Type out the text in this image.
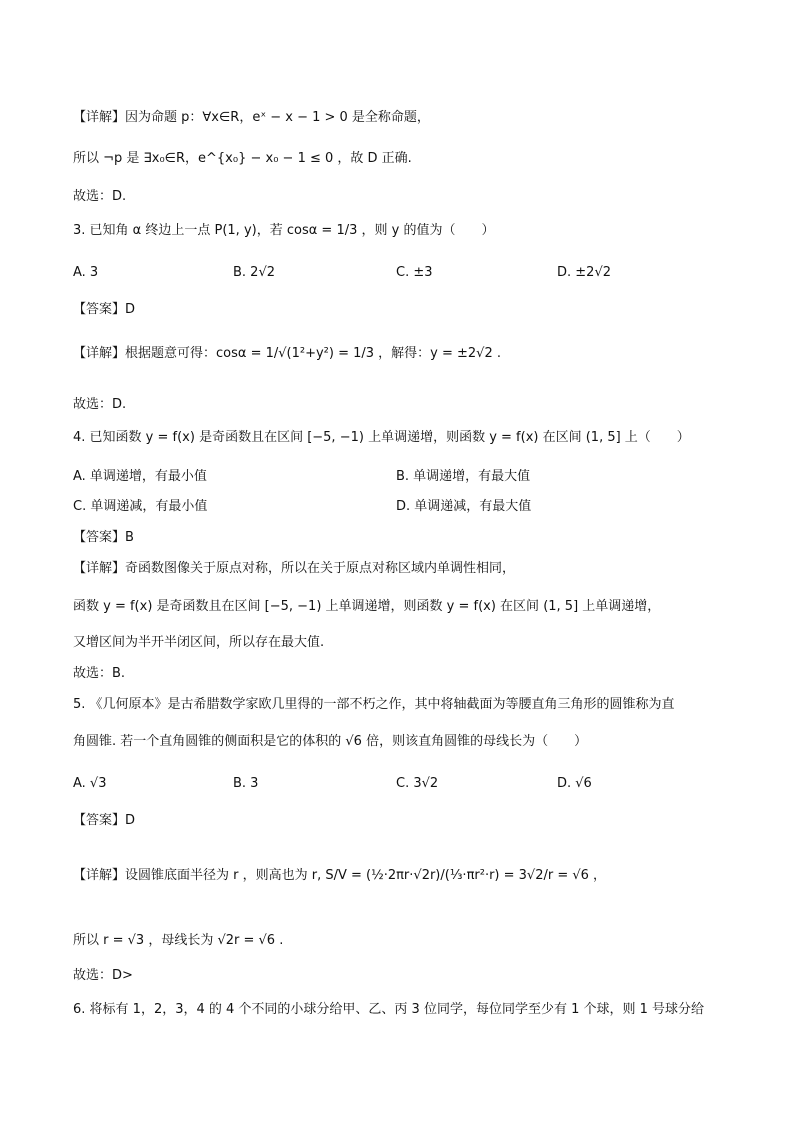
【详解】因为命题 p：∀x∈R，eˣ − x − 1 > 0 是全称命题，
所以 ¬p 是 ∃x₀∈R，e^{x₀} − x₀ − 1 ≤ 0 ，故 D 正确.
故选：D.
3. 已知角 α 终边上一点 P(1, y)，若 cosα = 1/3 ，则 y 的值为（　　）
A. 3	B. 2√2	C. ±3	D. ±2√2
【答案】D
【详解】根据题意可得：cosα = 1/√(1²+y²) = 1/3 ，解得：y = ±2√2 .
故选：D.
4. 已知函数 y = f(x) 是奇函数且在区间 [−5, −1) 上单调递增，则函数 y = f(x) 在区间 (1, 5] 上（　　）
A. 单调递增，有最小值	B. 单调递增，有最大值
C. 单调递减，有最小值	D. 单调递减，有最大值
【答案】B
【详解】奇函数图像关于原点对称，所以在关于原点对称区域内单调性相同，
函数 y = f(x) 是奇函数且在区间 [−5, −1) 上单调递增，则函数 y = f(x) 在区间 (1, 5] 上单调递增，
又增区间为半开半闭区间，所以存在最大值.
故选：B.
5. 《几何原本》是古希腊数学家欧几里得的一部不朽之作，其中将轴截面为等腰直角三角形的圆锥称为直
角圆锥. 若一个直角圆锥的侧面积是它的体积的 √6 倍，则该直角圆锥的母线长为（　　）
A. √3	B. 3	C. 3√2	D. √6
【答案】D
【详解】设圆锥底面半径为 r ，则高也为 r, S/V = (½·2πr·√2r)/(⅓·πr²·r) = 3√2/r = √6 ，
所以 r = √3 ，母线长为 √2r = √6 .
故选：D>
6. 将标有 1，2，3，4 的 4 个不同的小球分给甲、乙、丙 3 位同学，每位同学至少有 1 个球，则 1 号球分给
